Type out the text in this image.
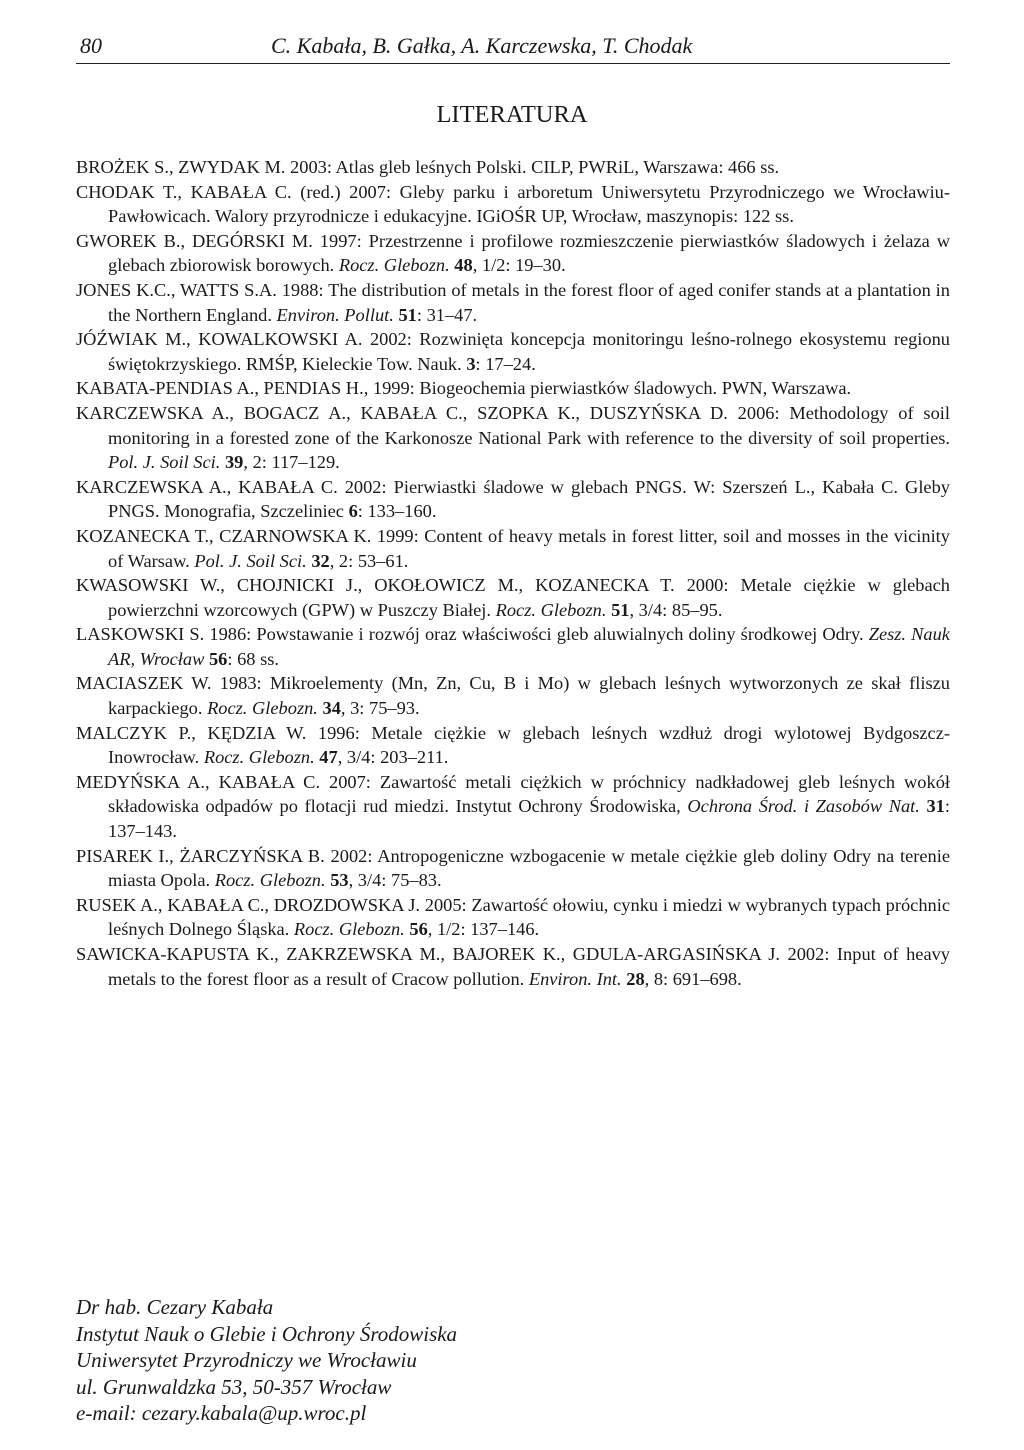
80	C. Kabała, B. Gałka, A. Karczewska, T. Chodak
LITERATURA
BROŻEK S., ZWYDAK M. 2003: Atlas gleb leśnych Polski. CILP, PWRiL, Warszawa: 466 ss.
CHODAK T., KABAŁA C. (red.) 2007: Gleby parku i arboretum Uniwersytetu Przyrodniczego we Wrocławiu-Pawłowicach. Walory przyrodnicze i edukacyjne. IGiOŚR UP, Wrocław, maszynopis: 122 ss.
GWOREK B., DEGÓRSKI M. 1997: Przestrzenne i profilowe rozmieszczenie pierwiastków śladowych i żelaza w glebach zbiorowisk borowych. Rocz. Glebozn. 48, 1/2: 19–30.
JONES K.C., WATTS S.A. 1988: The distribution of metals in the forest floor of aged conifer stands at a plantation in the Northern England. Environ. Pollut. 51: 31–47.
JÓŹWIAK M., KOWALKOWSKI A. 2002: Rozwinięta koncepcja monitoringu leśno-rolnego ekosystemu regionu świętokrzyskiego. RMŚP, Kieleckie Tow. Nauk. 3: 17–24.
KABATA-PENDIAS A., PENDIAS H., 1999: Biogeochemia pierwiastków śladowych. PWN, Warszawa.
KARCZEWSKA A., BOGACZ A., KABAŁA C., SZOPKA K., DUSZYŃSKA D. 2006: Methodology of soil monitoring in a forested zone of the Karkonosze National Park with reference to the diversity of soil properties. Pol. J. Soil Sci. 39, 2: 117–129.
KARCZEWSKA A., KABAŁA C. 2002: Pierwiastki śladowe w glebach PNGS. W: Szerszeń L., Kabała C. Gleby PNGS. Monografia, Szczeliniec 6: 133–160.
KOZANECKA T., CZARNOWSKA K. 1999: Content of heavy metals in forest litter, soil and mosses in the vicinity of Warsaw. Pol. J. Soil Sci. 32, 2: 53–61.
KWASOWSKI W., CHOJNICKI J., OKOŁOWICZ M., KOZANECKA T. 2000: Metale ciężkie w glebach powierzchni wzorcowych (GPW) w Puszczy Białej. Rocz. Glebozn. 51, 3/4: 85–95.
LASKOWSKI S. 1986: Powstawanie i rozwój oraz właściwości gleb aluwialnych doliny środkowej Odry. Zesz. Nauk AR, Wrocław 56: 68 ss.
MACIASZEK W. 1983: Mikroelementy (Mn, Zn, Cu, B i Mo) w glebach leśnych wytworzonych ze skał fliszu karpackiego. Rocz. Glebozn. 34, 3: 75–93.
MALCZYK P., KĘDZIA W. 1996: Metale ciężkie w glebach leśnych wzdłuż drogi wylotowej Bydgoszcz-Inowrocław. Rocz. Glebozn. 47, 3/4: 203–211.
MEDYŃSKA A., KABAŁA C. 2007: Zawartość metali ciężkich w próchnicy nadkładowej gleb leśnych wokół składowiska odpadów po flotacji rud miedzi. Instytut Ochrony Środowiska, Ochrona Środ. i Zasobów Nat. 31: 137–143.
PISAREK I., ŻARCZYŃSKA B. 2002: Antropogeniczne wzbogacenie w metale ciężkie gleb doliny Odry na terenie miasta Opola. Rocz. Glebozn. 53, 3/4: 75–83.
RUSEK A., KABAŁA C., DROZDOWSKA J. 2005: Zawartość ołowiu, cynku i miedzi w wybranych typach próchnic leśnych Dolnego Śląska. Rocz. Glebozn. 56, 1/2: 137–146.
SAWICKA-KAPUSTA K., ZAKRZEWSKA M., BAJOREK K., GDULA-ARGASIŃSKA J. 2002: Input of heavy metals to the forest floor as a result of Cracow pollution. Environ. Int. 28, 8: 691–698.
Dr hab. Cezary Kabała
Instytut Nauk o Glebie i Ochrony Środowiska
Uniwersytet Przyrodniczy we Wrocławiu
ul. Grunwaldzka 53, 50-357 Wrocław
e-mail: cezary.kabala@up.wroc.pl
